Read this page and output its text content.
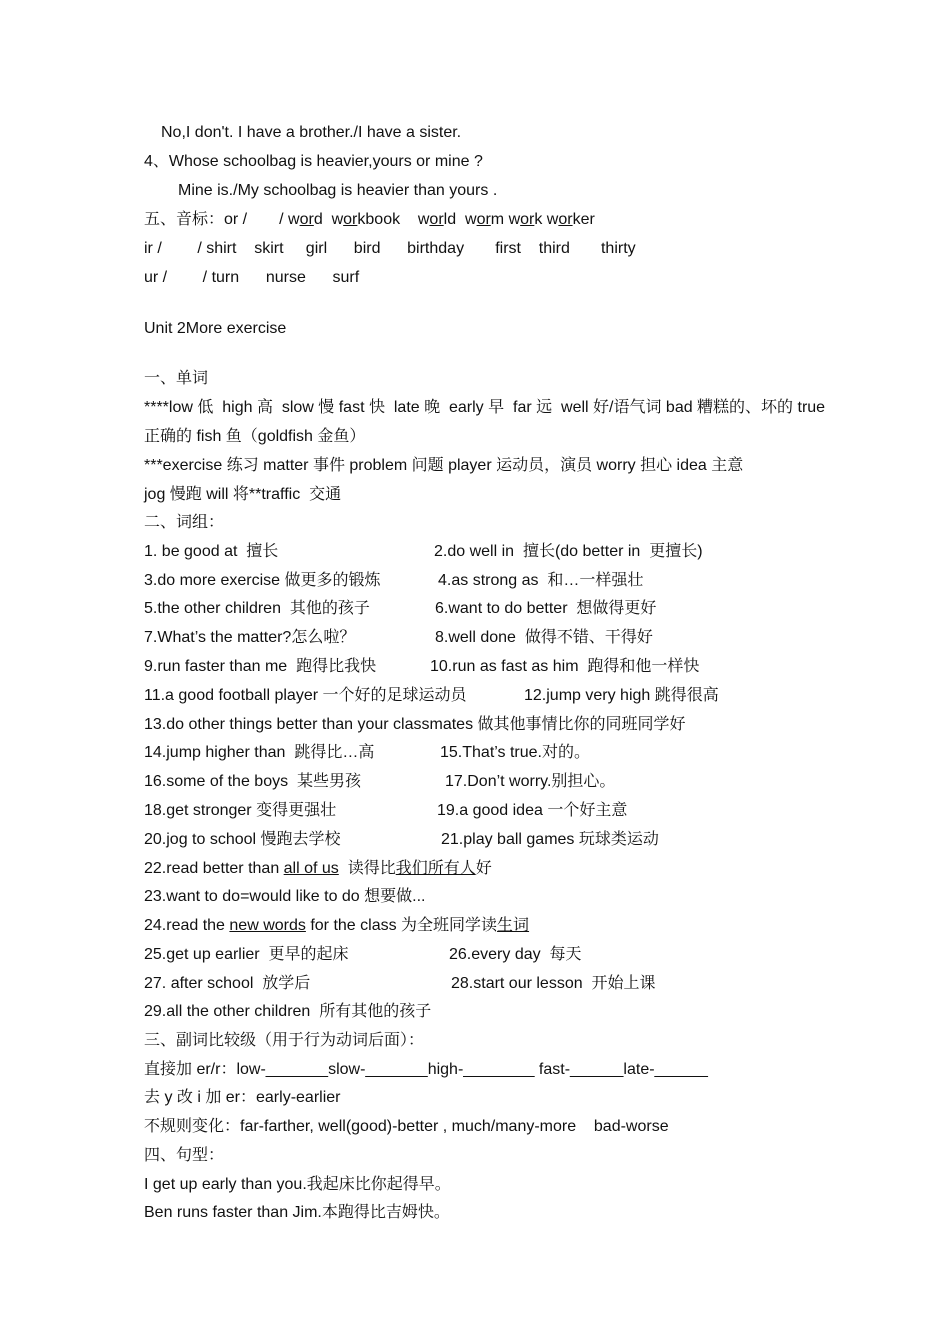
No,I don't. I have a brother./I have a sister.
4、Whose schoolbag is heavier,yours or mine ?
Mine is./My schoolbag is heavier than yours .
五、音标：or / / word  workbook    world  worm work worker
ir /        / shirt    skirt     girl      bird      birthday       first    third       thirty
ur /        / turn      nurse      surf
Unit 2More exercise
一、单词
****low 低  high 高  slow 慢 fast 快  late 晚  early 早  far 远  well 好/语气词 bad 糟糕的、坏的 true
正确的 fish 鱼（goldfish 金鱼）
***exercise 练习 matter 事件 problem 问题 player 运动员，演员 worry 担心 idea 主意
jog 慢跑 will 将**traffic  交通
二、词组：
1. be good at  擅长	2.do well in  擅长(do better in  更擅长)
3.do more exercise 做更多的锻炼	4.as strong as  和…一样强壮
5.the other children  其他的孩子	6.want to do better  想做得更好
7.What’s the matter?怎么啦？	8.well done  做得不错、干得好
9.run faster than me  跑得比我快	10.run as fast as him  跑得和他一样快
11.a good football player 一个好的足球运动员	12.jump very high 跳得很高
13.do other things better than your classmates 做其他事情比你的同班同学好
14.jump higher than  跳得比…高	15.That’s true.对的。
16.some of the boys  某些男孩	17.Don’t worry.别担心。
18.get stronger 变得更强壮	19.a good idea 一个好主意
20.jog to school 慢跑去学校	21.play ball games 玩球类运动
22.read better than all of us  读得比我们所有人好
23.want to do=would like to do 想要做...
24.read the new words for the class 为全班同学读生词
25.get up earlier  更早的起床	26.every day  每天
27. after school  放学后	28.start our lesson  开始上课
29.all the other children  所有其他的孩子
三、副词比较级（用于行为动词后面）：
直接加 er/r：low-_______slow-_______high-________ fast-______late-______
去 y 改 i 加 er：early-earlier
不规则变化：far-farther, well(good)-better , much/many-more    bad-worse
四、句型：
I get up early than you.我起床比你起得早。
Ben runs faster than Jim.本跑得比吉姆快。
